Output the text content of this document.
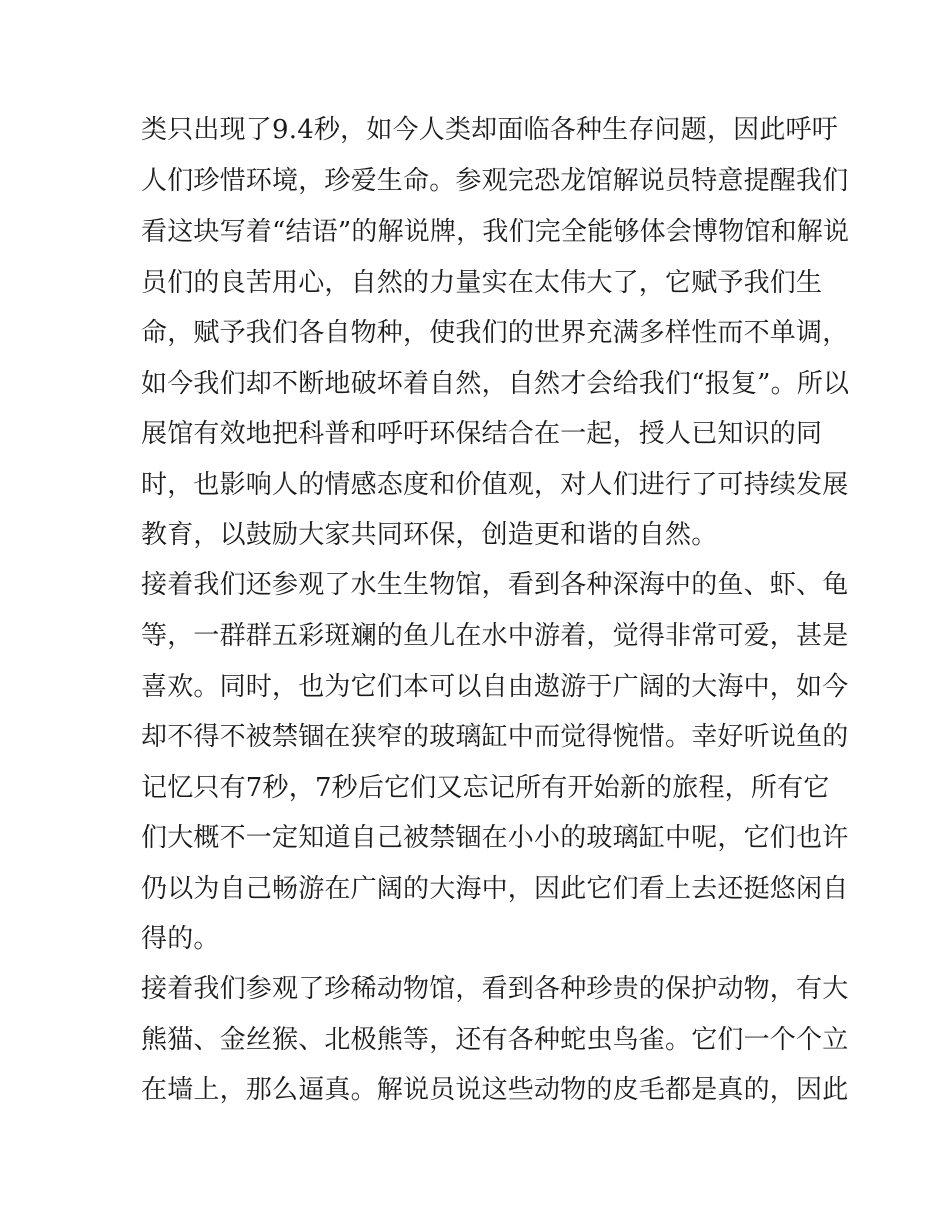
类只出现了9.4秒，如今人类却面临各种生存问题，因此呼吁
人们珍惜环境，珍爱生命。参观完恐龙馆解说员特意提醒我们
看这块写着“结语”的解说牌，我们完全能够体会博物馆和解说
员们的良苦用心，自然的力量实在太伟大了，它赋予我们生
命，赋予我们各自物种，使我们的世界充满多样性而不单调，
如今我们却不断地破坏着自然，自然才会给我们“报复”。所以
展馆有效地把科普和呼吁环保结合在一起，授人已知识的同
时，也影响人的情感态度和价值观，对人们进行了可持续发展
教育，以鼓励大家共同环保，创造更和谐的自然。
接着我们还参观了水生生物馆，看到各种深海中的鱼、虾、龟
等，一群群五彩斑斓的鱼儿在水中游着，觉得非常可爱，甚是
喜欢。同时，也为它们本可以自由遨游于广阔的大海中，如今
却不得不被禁锢在狭窄的玻璃缸中而觉得惋惜。幸好听说鱼的
记忆只有7秒，7秒后它们又忘记所有开始新的旅程，所有它
们大概不一定知道自己被禁锢在小小的玻璃缸中呢，它们也许
仍以为自己畅游在广阔的大海中，因此它们看上去还挺悠闲自
得的。
接着我们参观了珍稀动物馆，看到各种珍贵的保护动物，有大
熊猫、金丝猴、北极熊等，还有各种蛇虫鸟雀。它们一个个立
在墙上，那么逼真。解说员说这些动物的皮毛都是真的，因此
